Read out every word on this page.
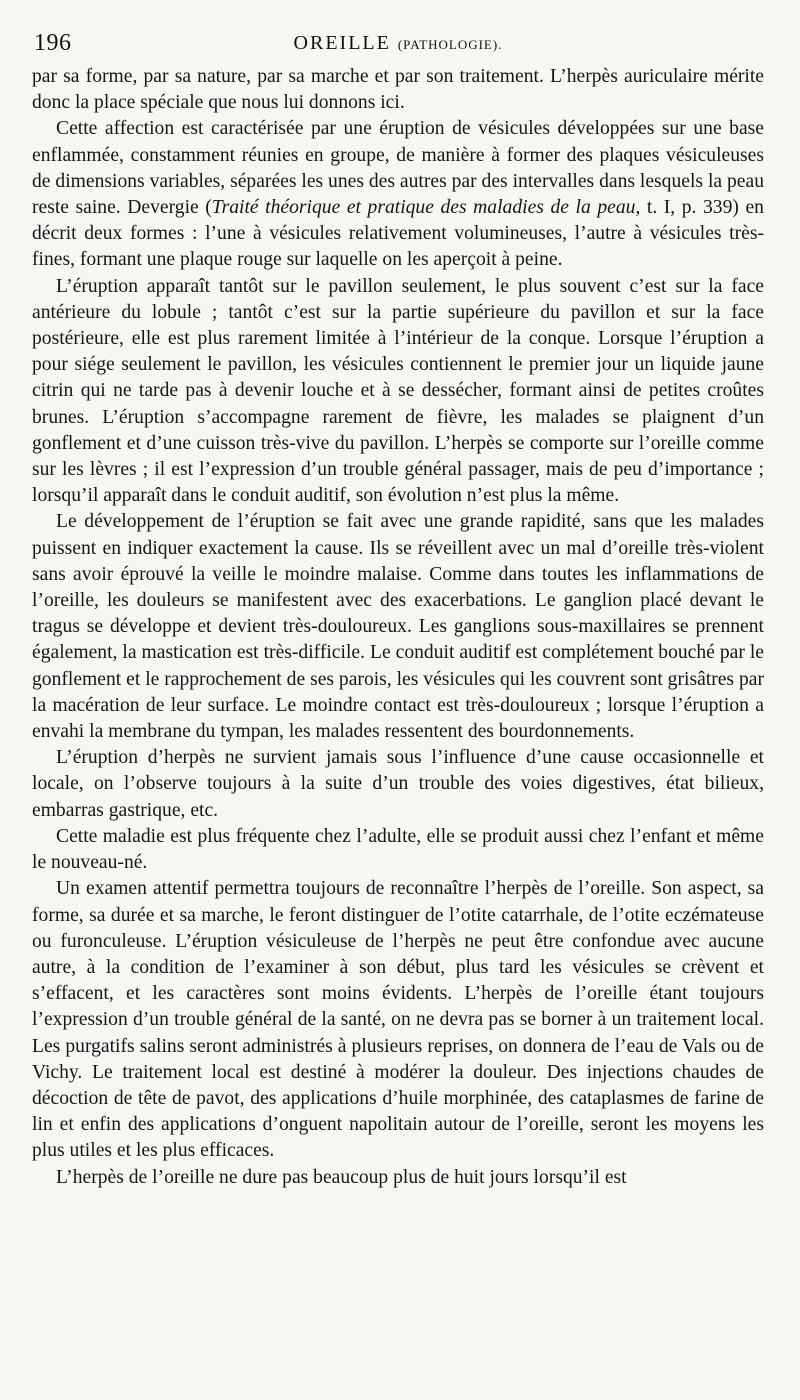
196	OREILLE (PATHOLOGIE).

par sa forme, par sa nature, par sa marche et par son traitement. L’herpès auriculaire mérite donc la place spéciale que nous lui donnons ici.

Cette affection est caractérisée par une éruption de vésicules développées sur une base enflammée, constamment réunies en groupe, de manière à former des plaques vésiculeuses de dimensions variables, séparées les unes des autres par des intervalles dans lesquels la peau reste saine. Devergie (Traité théorique et pratique des maladies de la peau, t. I, p. 339) en décrit deux formes : l’une à vésicules relativement volumineuses, l’autre à vésicules très-fines, formant une plaque rouge sur laquelle on les aperçoit à peine.

L’éruption apparaît tantôt sur le pavillon seulement, le plus souvent c’est sur la face antérieure du lobule ; tantôt c’est sur la partie supérieure du pavillon et sur la face postérieure, elle est plus rarement limitée à l’intérieur de la conque. Lorsque l’éruption a pour siége seulement le pavillon, les vésicules contiennent le premier jour un liquide jaune citrin qui ne tarde pas à devenir louche et à se dessécher, formant ainsi de petites croûtes brunes. L’éruption s’accompagne rarement de fièvre, les malades se plaignent d’un gonflement et d’une cuisson très-vive du pavillon. L’herpès se comporte sur l’oreille comme sur les lèvres ; il est l’expression d’un trouble général passager, mais de peu d’importance ; lorsqu’il apparaît dans le conduit auditif, son évolution n’est plus la même.

Le développement de l’éruption se fait avec une grande rapidité, sans que les malades puissent en indiquer exactement la cause. Ils se réveillent avec un mal d’oreille très-violent sans avoir éprouvé la veille le moindre malaise. Comme dans toutes les inflammations de l’oreille, les douleurs se manifestent avec des exacerbations. Le ganglion placé devant le tragus se développe et devient très-douloureux. Les ganglions sous-maxillaires se prennent également, la mastication est très-difficile. Le conduit auditif est complétement bouché par le gonflement et le rapprochement de ses parois, les vésicules qui les couvrent sont grisâtres par la macération de leur surface. Le moindre contact est très-douloureux ; lorsque l’éruption a envahi la membrane du tympan, les malades ressentent des bourdonnements.

L’éruption d’herpès ne survient jamais sous l’influence d’une cause occasionnelle et locale, on l’observe toujours à la suite d’un trouble des voies digestives, état bilieux, embarras gastrique, etc.

Cette maladie est plus fréquente chez l’adulte, elle se produit aussi chez l’enfant et même le nouveau-né.

Un examen attentif permettra toujours de reconnaître l’herpès de l’oreille. Son aspect, sa forme, sa durée et sa marche, le feront distinguer de l’otite catarrhale, de l’otite eczémateuse ou furonculeuse. L’éruption vésiculeuse de l’herpès ne peut être confondue avec aucune autre, à la condition de l’examiner à son début, plus tard les vésicules se crèvent et s’effacent, et les caractères sont moins évidents. L’herpès de l’oreille étant toujours l’expression d’un trouble général de la santé, on ne devra pas se borner à un traitement local. Les purgatifs salins seront administrés à plusieurs reprises, on donnera de l’eau de Vals ou de Vichy. Le traitement local est destiné à modérer la douleur. Des injections chaudes de décoction de tête de pavot, des applications d’huile morphinée, des cataplasmes de farine de lin et enfin des applications d’onguent napolitain autour de l’oreille, seront les moyens les plus utiles et les plus efficaces.

L’herpès de l’oreille ne dure pas beaucoup plus de huit jours lorsqu’il est
